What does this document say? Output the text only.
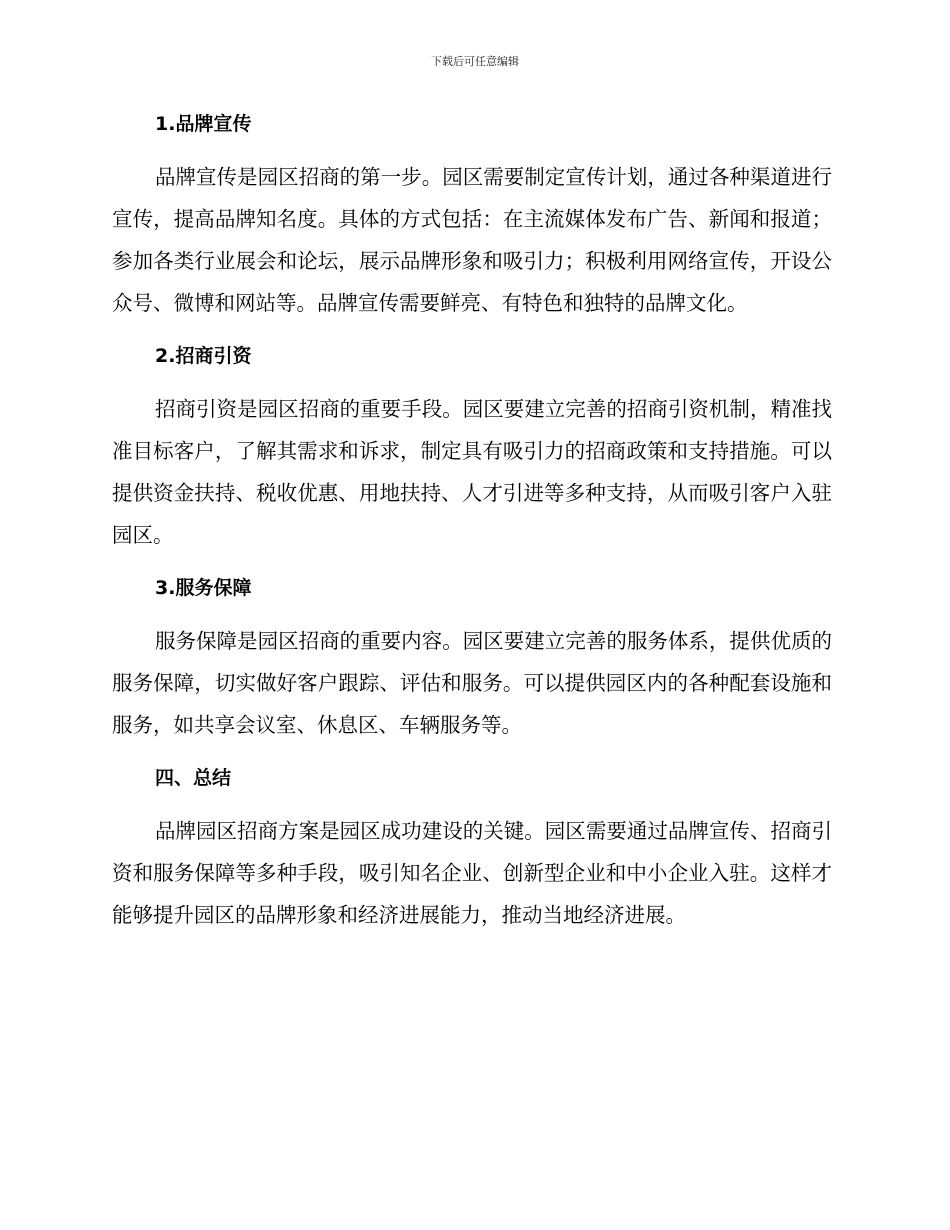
下载后可任意编辑
1.品牌宣传

品牌宣传是园区招商的第一步。园区需要制定宣传计划，通过各种渠道进行宣传，提高品牌知名度。具体的方式包括：在主流媒体发布广告、新闻和报道；参加各类行业展会和论坛，展示品牌形象和吸引力；积极利用网络宣传，开设公众号、微博和网站等。品牌宣传需要鲜亮、有特色和独特的品牌文化。

2.招商引资

招商引资是园区招商的重要手段。园区要建立完善的招商引资机制，精准找准目标客户，了解其需求和诉求，制定具有吸引力的招商政策和支持措施。可以提供资金扶持、税收优惠、用地扶持、人才引进等多种支持，从而吸引客户入驻园区。

3.服务保障

服务保障是园区招商的重要内容。园区要建立完善的服务体系，提供优质的服务保障，切实做好客户跟踪、评估和服务。可以提供园区内的各种配套设施和服务，如共享会议室、休息区、车辆服务等。

四、总结

品牌园区招商方案是园区成功建设的关键。园区需要通过品牌宣传、招商引资和服务保障等多种手段，吸引知名企业、创新型企业和中小企业入驻。这样才能够提升园区的品牌形象和经济进展能力，推动当地经济进展。
